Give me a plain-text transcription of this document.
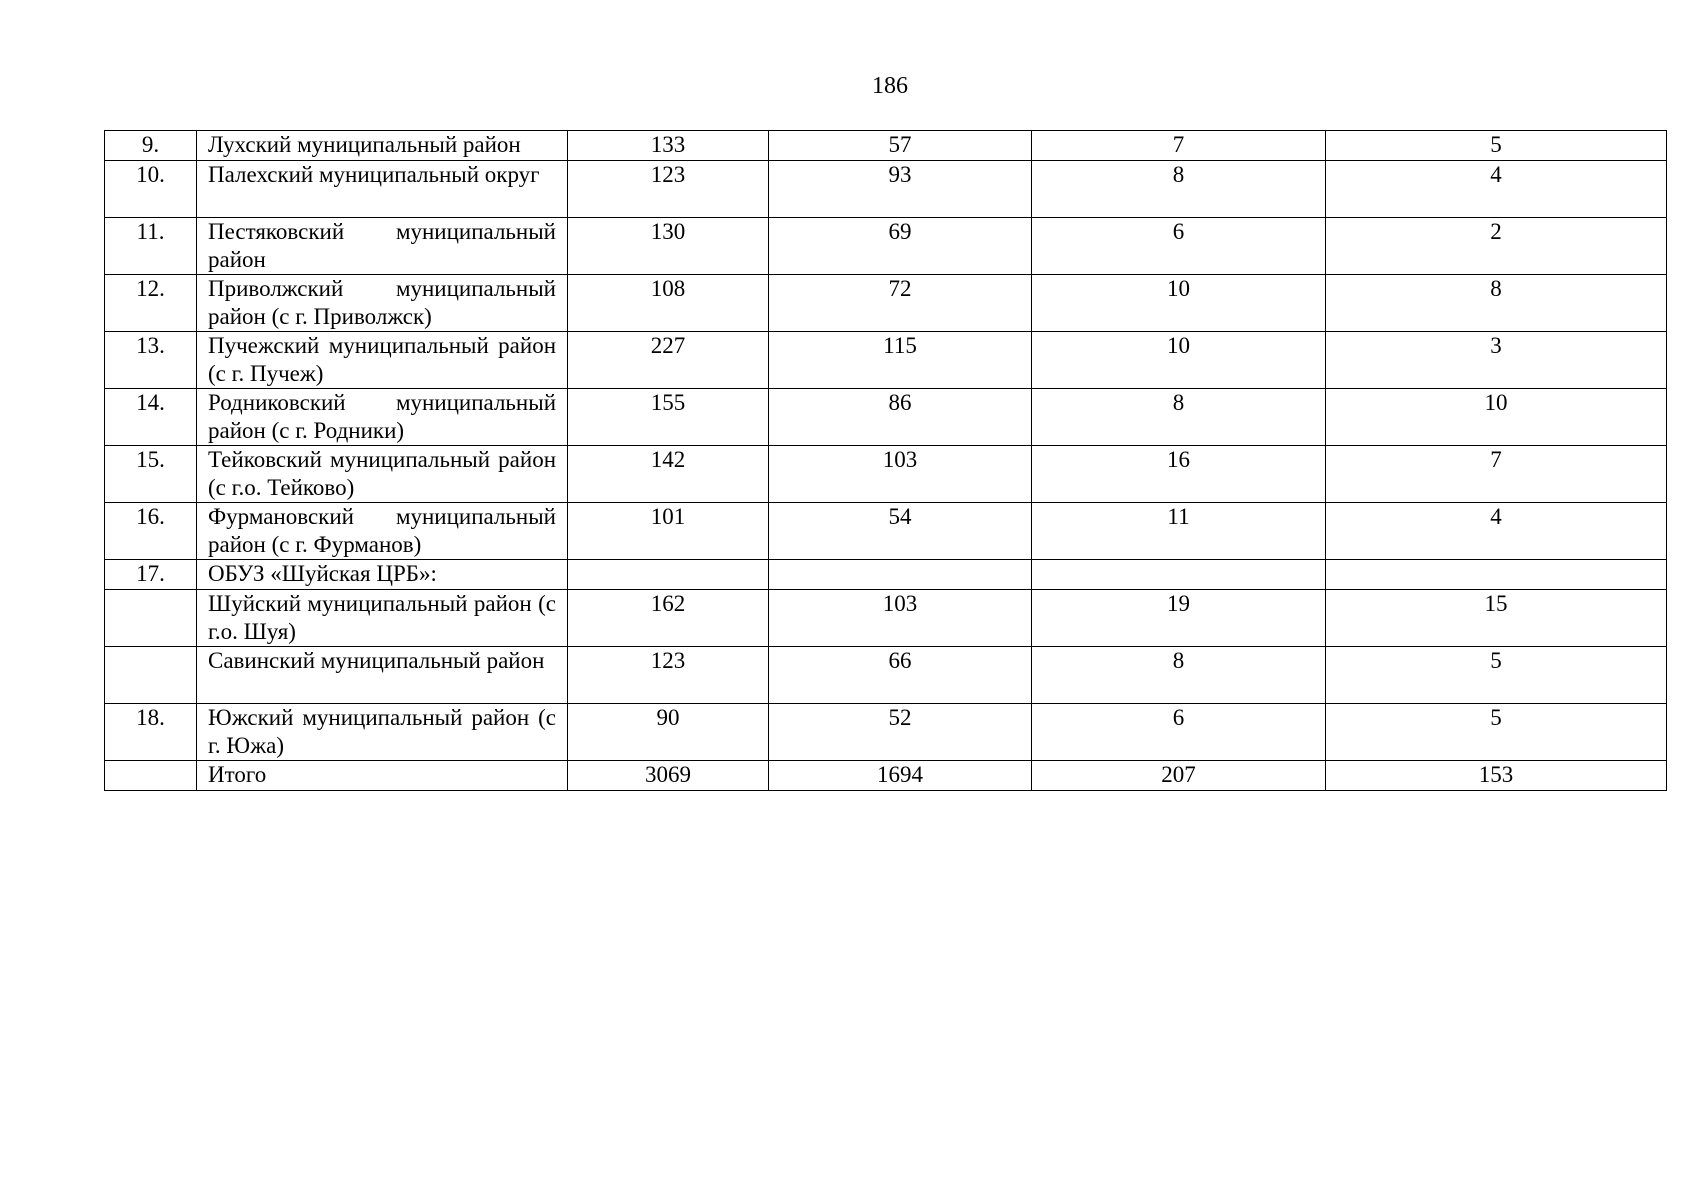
186
9.	Лухский муниципальный район	133	57	7	5
10.	Палехский муниципальный округ	123	93	8	4
11.	Пестяковский муниципальный район	130	69	6	2
12.	Приволжский муниципальный район (с г. Приволжск)	108	72	10	8
13.	Пучежский муниципальный район (с г. Пучеж)	227	115	10	3
14.	Родниковский муниципальный район (с г. Родники)	155	86	8	10
15.	Тейковский муниципальный район (с г.о. Тейково)	142	103	16	7
16.	Фурмановский муниципальный район (с г. Фурманов)	101	54	11	4
17.	ОБУЗ «Шуйская ЦРБ»:				
	Шуйский муниципальный район (с г.о. Шуя)	162	103	19	15
	Савинский муниципальный район	123	66	8	5
18.	Южский муниципальный район (с г. Южа)	90	52	6	5
	Итого	3069	1694	207	153
